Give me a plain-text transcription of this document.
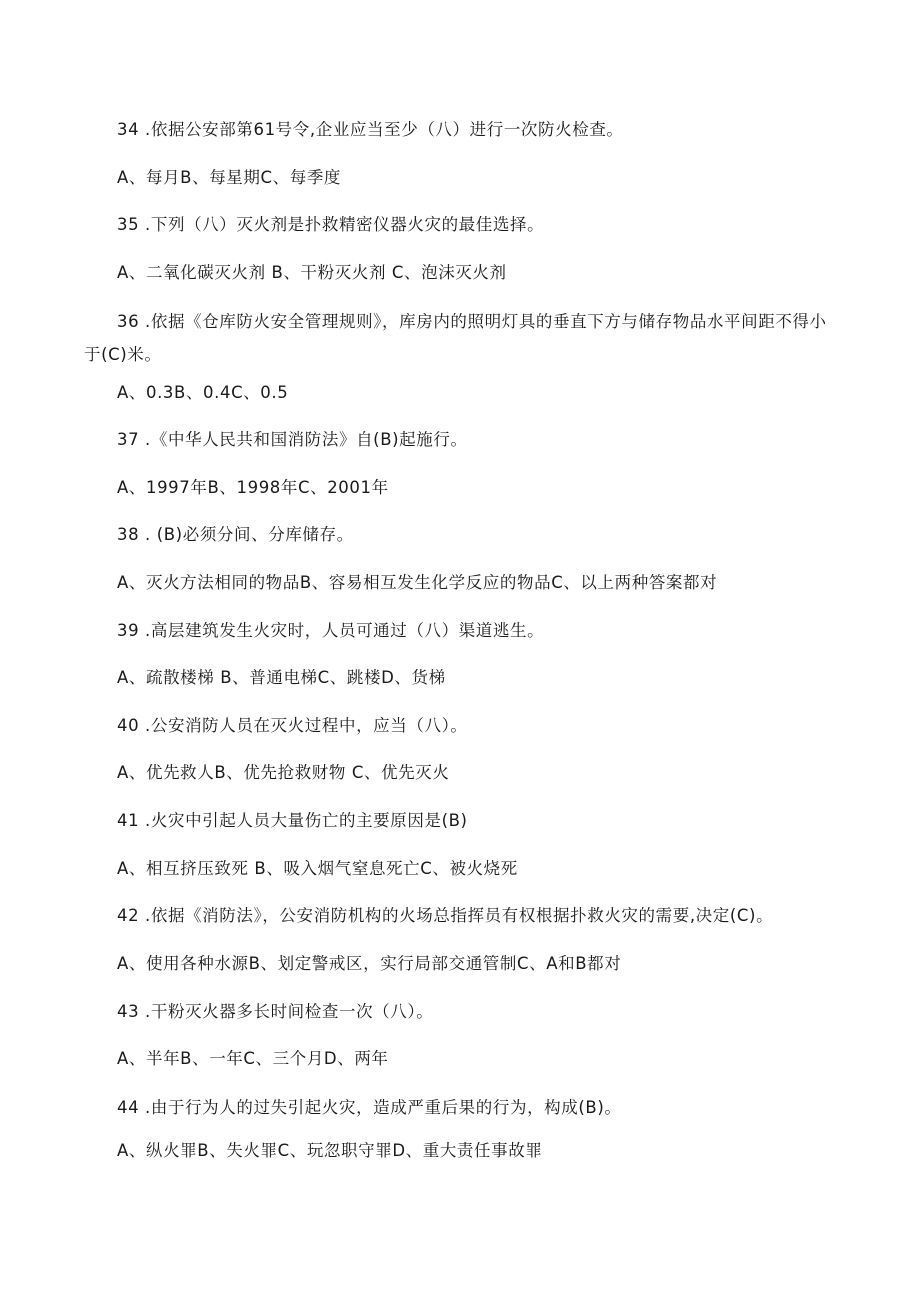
34 .依据公安部第61号令,企业应当至少（八）进行一次防火检查。
A、每月B、每星期C、每季度
35 .下列（八）灭火剂是扑救精密仪器火灾的最佳选择。
A、二氧化碳灭火剂 B、干粉灭火剂 C、泡沫灭火剂
36 .依据《仓库防火安全管理规则》，库房内的照明灯具的垂直下方与储存物品水平间距不得小于(C)米。
A、0.3B、0.4C、0.5
37 .《中华人民共和国消防法》自(B)起施行。
A、1997年B、1998年C、2001年
38 . (B)必须分间、分库储存。
A、灭火方法相同的物品B、容易相互发生化学反应的物品C、以上两种答案都对
39 .高层建筑发生火灾时，人员可通过（八）渠道逃生。
A、疏散楼梯 B、普通电梯C、跳楼D、货梯
40 .公安消防人员在灭火过程中，应当（八）。
A、优先救人B、优先抢救财物 C、优先灭火
41 .火灾中引起人员大量伤亡的主要原因是(B)
A、相互挤压致死 B、吸入烟气窒息死亡C、被火烧死
42 .依据《消防法》，公安消防机构的火场总指挥员有权根据扑救火灾的需要,决定(C)。
A、使用各种水源B、划定警戒区，实行局部交通管制C、A和B都对
43 .干粉灭火器多长时间检查一次（八）。
A、半年B、一年C、三个月D、两年
44 .由于行为人的过失引起火灾，造成严重后果的行为，构成(B)。
A、纵火罪B、失火罪C、玩忽职守罪D、重大责任事故罪
